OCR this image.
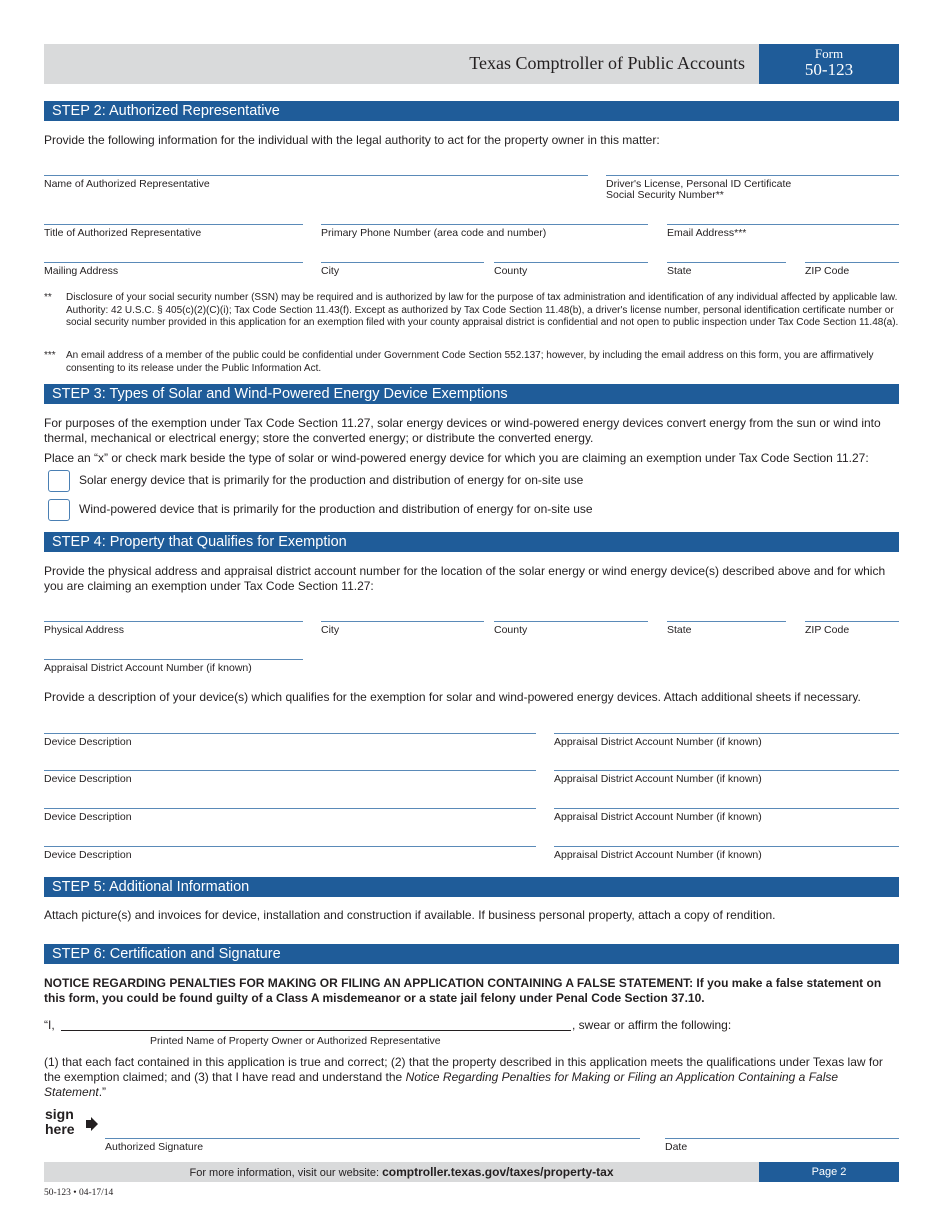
Texas Comptroller of Public Accounts	Form
50-123
STEP 2: Authorized Representative
Provide the following information for the individual with the legal authority to act for the property owner in this matter:
Name of Authorized Representative	Driver's License, Personal ID Certificate
Social Security Number**
Title of Authorized Representative	Primary Phone Number (area code and number)	Email Address***
Mailing Address	City	County	State	ZIP Code
** Disclosure of your social security number (SSN) may be required and is authorized by law for the purpose of tax administration and identification of any individual affected by applicable law. Authority: 42 U.S.C. § 405(c)(2)(C)(i); Tax Code Section 11.43(f). Except as authorized by Tax Code Section 11.48(b), a driver's license number, personal identification certificate number or social security number provided in this application for an exemption filed with your county appraisal district is confidential and not open to public inspection under Tax Code Section 11.48(a).
*** An email address of a member of the public could be confidential under Government Code Section 552.137; however, by including the email address on this form, you are affirmatively consenting to its release under the Public Information Act.
STEP 3: Types of Solar and Wind-Powered Energy Device Exemptions
For purposes of the exemption under Tax Code Section 11.27, solar energy devices or wind-powered energy devices convert energy from the sun or wind into thermal, mechanical or electrical energy; store the converted energy; or distribute the converted energy.
Place an “x” or check mark beside the type of solar or wind-powered energy device for which you are claiming an exemption under Tax Code Section 11.27:
Solar energy device that is primarily for the production and distribution of energy for on-site use
Wind-powered device that is primarily for the production and distribution of energy for on-site use
STEP 4: Property that Qualifies for Exemption
Provide the physical address and appraisal district account number for the location of the solar energy or wind energy device(s) described above and for which you are claiming an exemption under Tax Code Section 11.27:
Physical Address	City	County	State	ZIP Code
Appraisal District Account Number (if known)
Provide a description of your device(s) which qualifies for the exemption for solar and wind-powered energy devices. Attach additional sheets if necessary.
Device Description	Appraisal District Account Number (if known)
Device Description	Appraisal District Account Number (if known)
Device Description	Appraisal District Account Number (if known)
Device Description	Appraisal District Account Number (if known)
STEP 5: Additional Information
Attach picture(s) and invoices for device, installation and construction if available. If business personal property, attach a copy of rendition.
STEP 6: Certification and Signature
NOTICE REGARDING PENALTIES FOR MAKING OR FILING AN APPLICATION CONTAINING A FALSE STATEMENT: If you make a false statement on this form, you could be found guilty of a Class A misdemeanor or a state jail felony under Penal Code Section 37.10.
“I,	, swear or affirm the following:
Printed Name of Property Owner or Authorized Representative
(1) that each fact contained in this application is true and correct; (2) that the property described in this application meets the qualifications under Texas law for the exemption claimed; and (3) that I have read and understand the Notice Regarding Penalties for Making or Filing an Application Containing a False Statement.”
sign
here
Authorized Signature	Date
For more information, visit our website: comptroller.texas.gov/taxes/property-tax	Page 2
50-123 • 04-17/14
